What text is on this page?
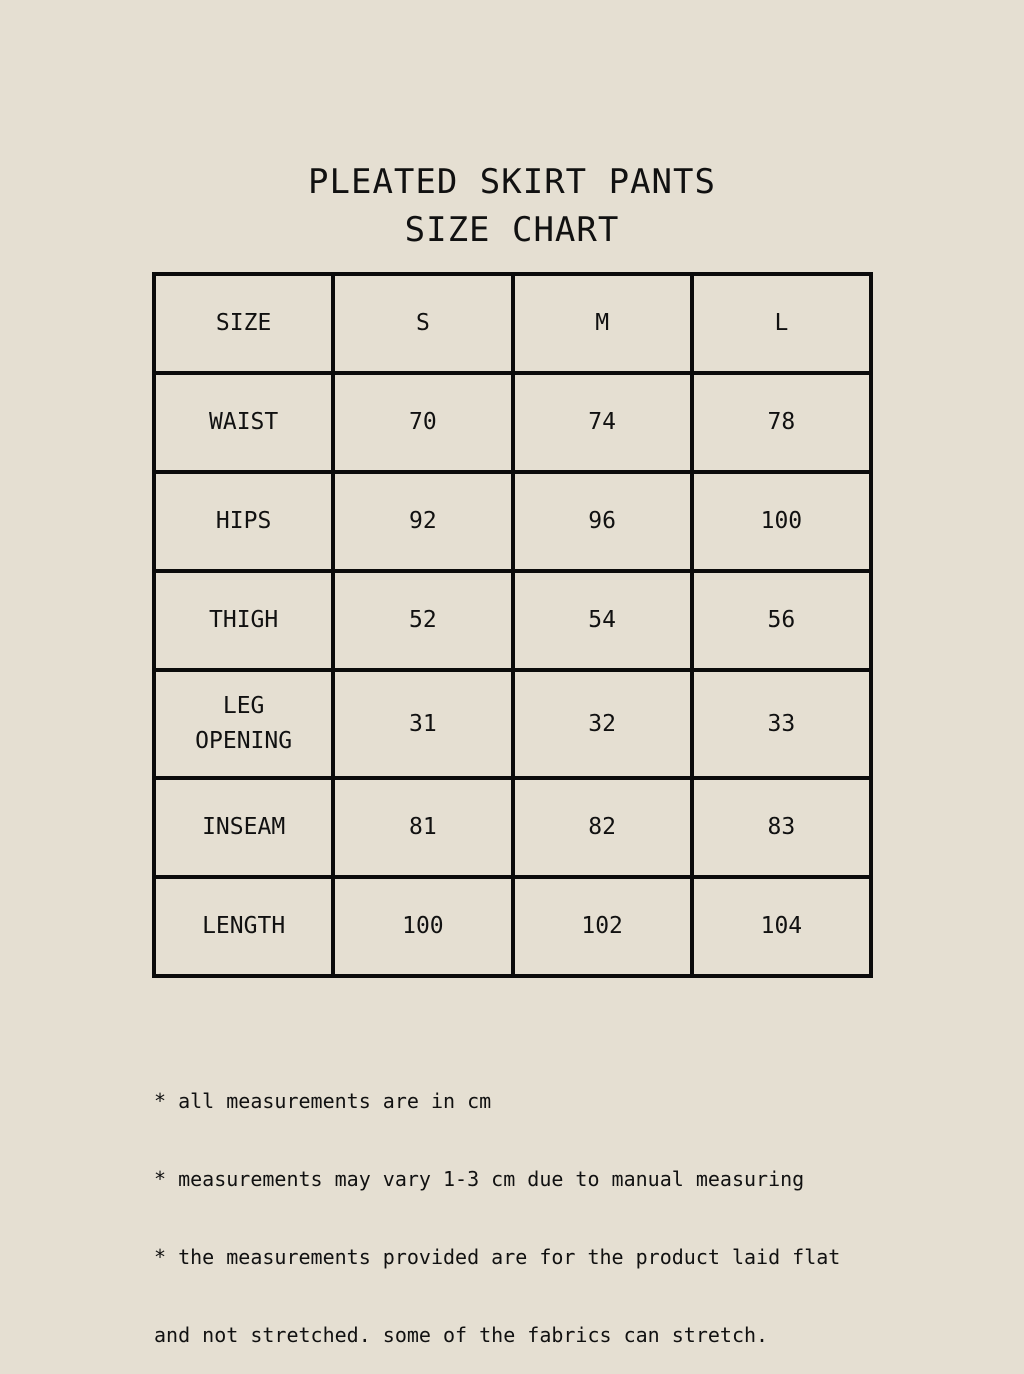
PLEATED SKIRT PANTS
SIZE CHART
SIZE	S	M	L
WAIST	70	74	78
HIPS	92	96	100
THIGH	52	54	56
LEG OPENING	31	32	33
INSEAM	81	82	83
LENGTH	100	102	104

* all measurements are in cm

* measurements may vary 1-3 cm due to manual measuring

* the measurements provided are for the product laid flat

and not stretched. some of the fabrics can stretch.
